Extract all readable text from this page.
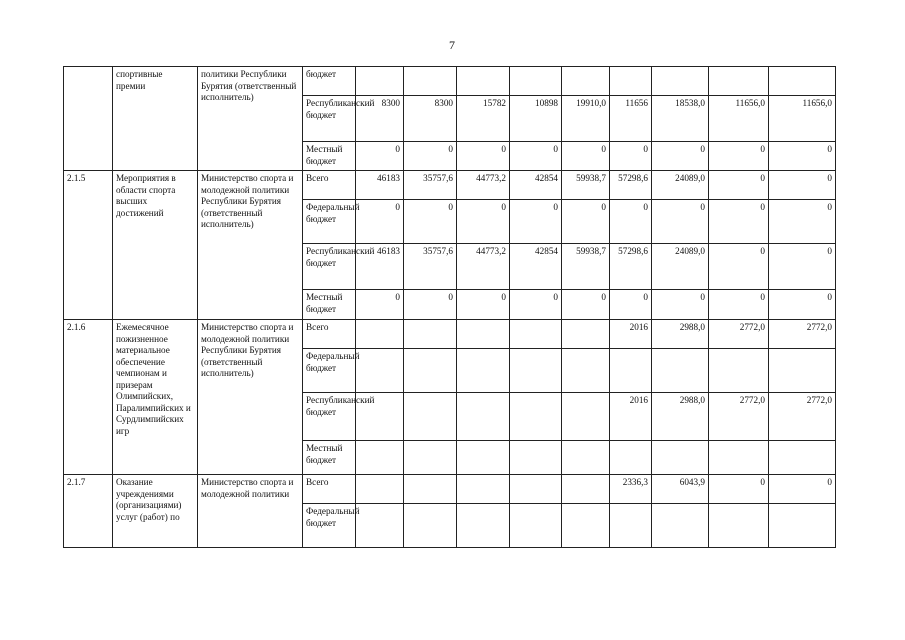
7
	спортивные премии	политики Республики Бурятия (ответственный исполнитель)	бюджет									
			Республиканский бюджет	8300	8300	15782	10898	19910,0	11656	18538,0	11656,0	11656,0
			Местный бюджет	0	0	0	0	0	0	0	0	0
2.1.5	Мероприятия в области спорта высших достижений	Министерство спорта и молодежной политики Республики Бурятия (ответственный исполнитель)	Всего	46183	35757,6	44773,2	42854	59938,7	57298,6	24089,0	0	0
			Федеральный бюджет	0	0	0	0	0	0	0	0	0
			Республиканский бюджет	46183	35757,6	44773,2	42854	59938,7	57298,6	24089,0	0	0
			Местный бюджет	0	0	0	0	0	0	0	0	0
2.1.6	Ежемесячное пожизненное материальное обеспечение чемпионам и призерам Олимпийских, Паралимпийских и Сурдлимпийских игр	Министерство спорта и молодежной политики Республики Бурятия (ответственный исполнитель)	Всего						2016	2988,0	2772,0	2772,0
			Федеральный бюджет									
			Республиканский бюджет						2016	2988,0	2772,0	2772,0
			Местный бюджет									
2.1.7	Оказание учреждениями (организациями) услуг (работ) по	Министерство спорта и молодежной политики	Всего						2336,3	6043,9	0	0
			Федеральный бюджет									
